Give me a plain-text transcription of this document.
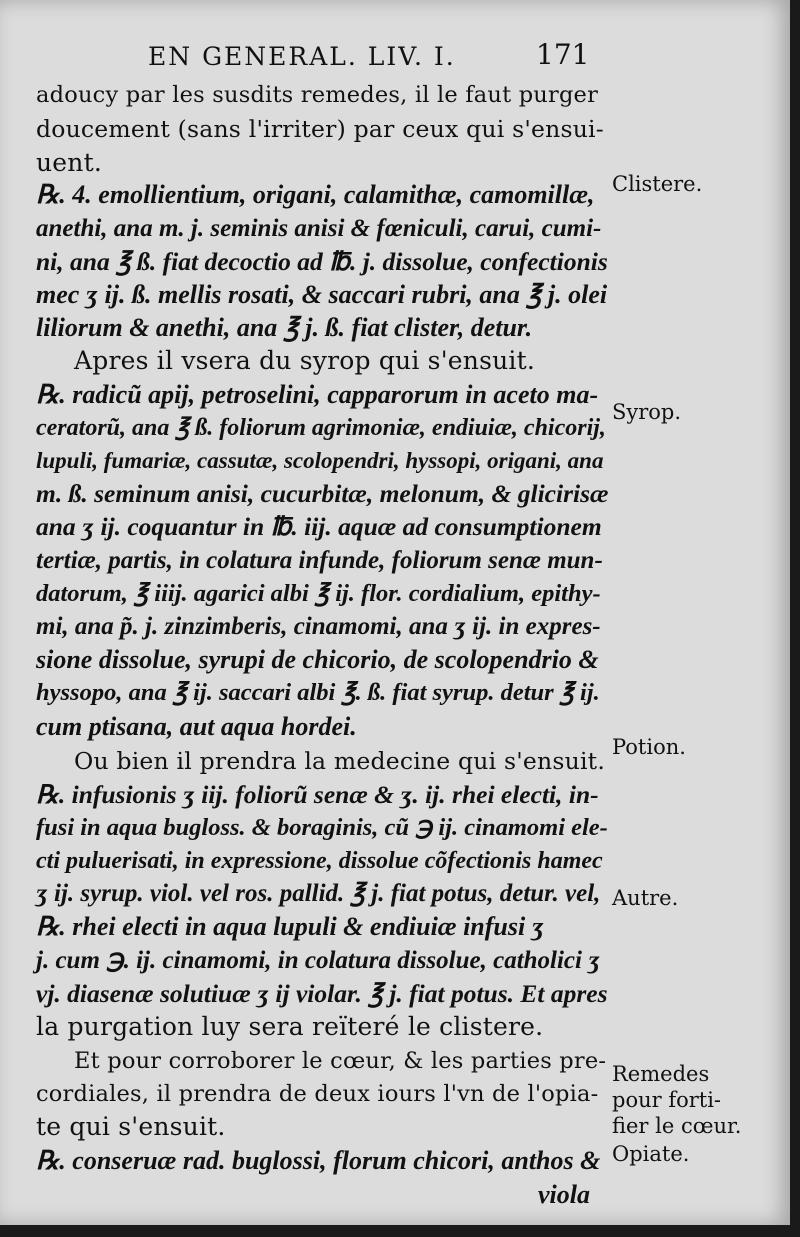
EN GENERAL. LIV. I.	171
adoucy par les susdits remedes, il le faut purger
doucement (sans l'irriter) par ceux qui s'ensui-
uent.
℞. 4. emollientium, origani, calamithæ, camomillæ,
anethi, ana m. j. seminis anisi & fœniculi, carui, cumi-
ni, ana ℥ ß. fiat decoctio ad ℔. j. dissolue, confectionis
mec ʒ ij. ß. mellis rosati, & saccari rubri, ana ℥ j. olei
liliorum & anethi, ana ℥ j. ß. fiat clister, detur.
Apres il vsera du syrop qui s'ensuit.
℞. radicũ apij, petroselini, capparorum in aceto ma-
ceratorũ, ana ℥ ß. foliorum agrimoniæ, endiuiæ, chicorij,
lupuli, fumariæ, cassutæ, scolopendri, hyssopi, origani, ana
m. ß. seminum anisi, cucurbitæ, melonum, & glicirisæ
ana ʒ ij. coquantur in ℔. iij. aquæ ad consumptionem
tertiæ, partis, in colatura infunde, foliorum senæ mun-
datorum, ℥ iiij. agarici albi ℥ ij. flor. cordialium, epithy-
mi, ana p̃. j. zinzimberis, cinamomi, ana ʒ ij. in expres-
sione dissolue, syrupi de chicorio, de scolopendrio &
hyssopo, ana ℥ ij. saccari albi ℥. ß. fiat syrup. detur ℥ ij.
cum ptisana, aut aqua hordei.
Ou bien il prendra la medecine qui s'ensuit.
℞. infusionis ʒ iij. foliorũ senæ & ʒ. ij. rhei electi, in-
fusi in aqua bugloss. & boraginis, cũ ℈ ij. cinamomi ele-
cti puluerisati, in expressione, dissolue cõfectionis hamec
ʒ ij. syrup. viol. vel ros. pallid. ℥ j. fiat potus, detur. vel,
℞. rhei electi in aqua lupuli & endiuiæ infusi ʒ
j. cum ℈. ij. cinamomi, in colatura dissolue, catholici ʒ
vj. diasenæ solutiuæ ʒ ij violar. ℥ j. fiat potus. Et apres
la purgation luy sera reïteré le clistere.
Et pour corroborer le cœur, & les parties pre-
cordiales, il prendra de deux iours l'vn de l'opia-
te qui s'ensuit.
℞. conseruæ rad. buglossi, florum chicori, anthos &
viola
Clistere.
Syrop.
Potion.
Autre.
Remedes
pour forti-
fier le cœur.
Opiate.
